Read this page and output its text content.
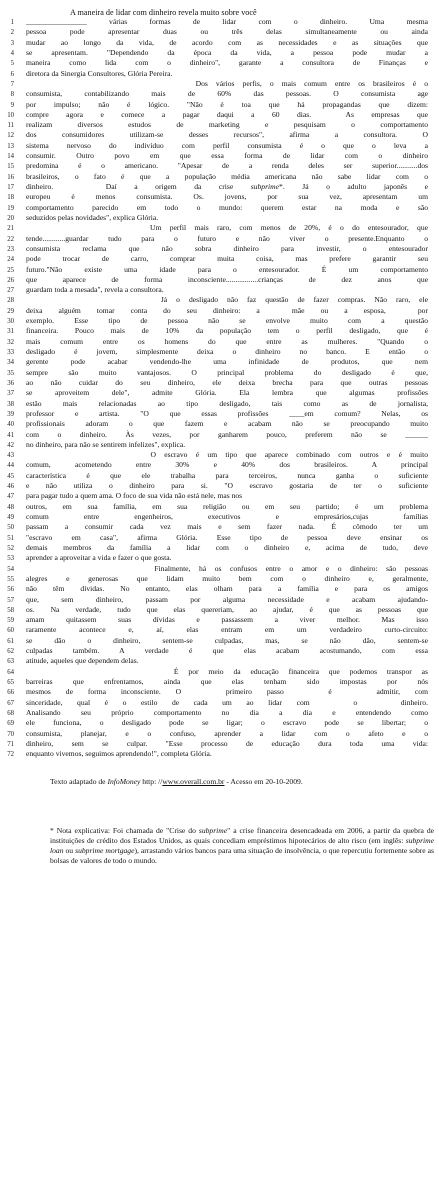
A maneira de lidar com dinheiro revela muito sobre você
1 ________________ várias formas de lidar com o dinheiro. Uma mesma
2 pessoa pode apresentar duas ou três delas simultaneamente ou ainda
3 mudar ao longo da vida, de acordo com as necessidades e as situações que
4 se apresentam. "Dependendo da época da vida, a pessoa pode mudar a
5 maneira como lida com o dinheiro", garante a consultora de Finanças e
6 diretora da Sinergia Consultores, Glória Pereira.
7 Dos vários perfis, o mais comum entre os brasileiros é o
8 consumista, contabilizando mais de 60% das pessoas. O consumista age
9 por impulso; não é lógico. "Não é toa que há propagandas que dizem:
10 compre agora e comece a pagar daqui a 60 dias.  As empresas que
11 realizam diversos estudos de marketing e pesquisam o comportamento
12 dos consumidores utilizam-se desses recursos", afirma a consultora. O
13 sistema nervoso do indivíduo com perfil consumista é o que o leva a
14 consumir. Outro povo em que essa forma de lidar com o dinheiro
15 predomina é o americano. "Apesar de a renda deles ser superior...........dos
16 brasileiros, o fato é que a população média americana não sabe lidar com o
17 dinheiro.   Daí a origem da crise subprime*. Já o adulto japonês e
18 europeu é menos consumista. Os. jovens, por sua vez, apresentam um
19 comportamento parecido em todo o mundo: querem estar na moda e são
20 seduzidos pelas novidades", explica Glória.
21 Um perfil mais raro, com menos de 20%, é o do entesourador, que
22 tende............guardar tudo para o futuro e não viver o presente.Enquanto o
23 consumista reclama que não sobra dinheiro para investir, o entesourador
24 pode trocar de carro, comprar muita coisa, mas prefere garantir seu
25 futuro."Não existe uma idade para o entesourador. É um comportamento
26 que aparece de forma inconsciente.................crianças de dez anos que
27 guardam toda a mesada", revela a consultora.
28 Já o desligado não faz questão de fazer compras. Não raro, ele
29 deixa alguém tomar conta do seu dinheiro: a  mãe ou a esposa,  por
30 exemplo. Esse tipo de pessoa não se envolve muito com a questão
31 financeira. Pouco mais de 10% da população tem o perfil desligado, que é
32 mais comum entre os homens do que entre as mulheres. "Quando o
33 desligado é jovem, simplesmente deixa o dinheiro no banco. E então o
34 gerente pode acabar vendendo-lhe uma infinidade de produtos, que nem
35 sempre são muito vantajosos. O principal problema do desligado é que,
36 ao não cuidar do seu dinheiro, ele deixa brecha para que outras pessoas
37 se aproveitem dele", admite Glória. Ela lembra que algumas profissões
38 estão mais relacionadas ao tipo desligado, tais como as de jornalista,
39 professor e artista. "O que essas profissões ____em comum? Nelas, os
40 profissionais adoram o que fazem e acabam não se preocupando muito
41 com o dinheiro. Às vezes, por ganharem pouco, preferem não se ______
42 no dinheiro, para não se sentirem infelizes", explica.
43 O escravo é um tipo que aparece combinado com outros e é muito
44 comum, acometendo entre 30% e 40% dos brasileiros. A principal
45 característica é que ele trabalha para terceiros, nunca ganha o suficiente
46 e não utiliza o dinheiro para si. "O escravo gostaria de ter o suficiente
47 para pagar tudo a quem ama. O foco de sua vida não está nele, mas nos
48 outros, em sua família, em sua religião ou em seu partido; é um problema
49 comum entre engenheiros, executivos e empresários,cujas famílias
50 passam a consumir cada vez mais e sem fazer nada. É cômodo ter um
51 "escravo em casa", afirma Glória. Esse tipo de pessoa deve ensinar os
52 demais membros da família a lidar com o dinheiro e, acima de tudo, deve
53 aprender a aproveitar a vida e fazer o que gosta.
54 Finalmente, há os confusos entre o amor e o dinheiro: são pessoas
55 alegres e generosas que lidam muito bem com o dinheiro e, geralmente,
56 não têm dívidas. No entanto, elas olham para a família e para os amigos
57 que, sem dinheiro, passam por alguma necessidade e acabam ajudando-
58 os. Na verdade, tudo que elas quereriam, ao ajudar, é que as pessoas que
59 amam quitassem suas dívidas e passassem a viver melhor. Mas isso
60 raramente acontece e, aí, elas entram em um verdadeiro curto-circuito:
61 se dão o dinheiro, sentem-se culpadas, mas, se não dão, sentem-se
62 culpadas também. A verdade é que elas acabam acostumando, com essa
63 atitude, aqueles que dependem delas.
64 É por meio da educação financeira que podemos transpor as
65 barreiras que enfrentamos, ainda que elas tenham sido impostas por nós
66 mesmos de forma inconsciente. O   primeiro passo   é   admitir, com
67 sinceridade, qual é o estilo de cada um ao lidar com   o   dinheiro.
68 Analisando seu próprio comportamento no dia a dia e entendendo como
69 ele funciona, o desligado pode se ligar; o escravo pode se libertar; o
70 consumista, planejar, e o confuso, aprender a lidar com o afeto e o
71 dinheiro, sem se culpar. "Esse processo de educação dura toda uma vida:
72 enquanto vivemos, seguimos aprendendo!", completa Glória.
Texto adaptado de InfoMoney http: //www.overall.com.br - Acesso em 20-10-2009.
* Nota explicativa: Foi chamada de "Crise do subprime" a crise financeira desencadeada em 2006, a partir da quebra de instituições de crédito dos Estados Unidos, as quais concediam empréstimos hipotecários de alto risco (em inglês: subprime loan ou subprime mortgage), arrastando vários bancos para uma situação de insolvência, o que repercutiu fortemente sobre as bolsas de valores de todo o mundo.
